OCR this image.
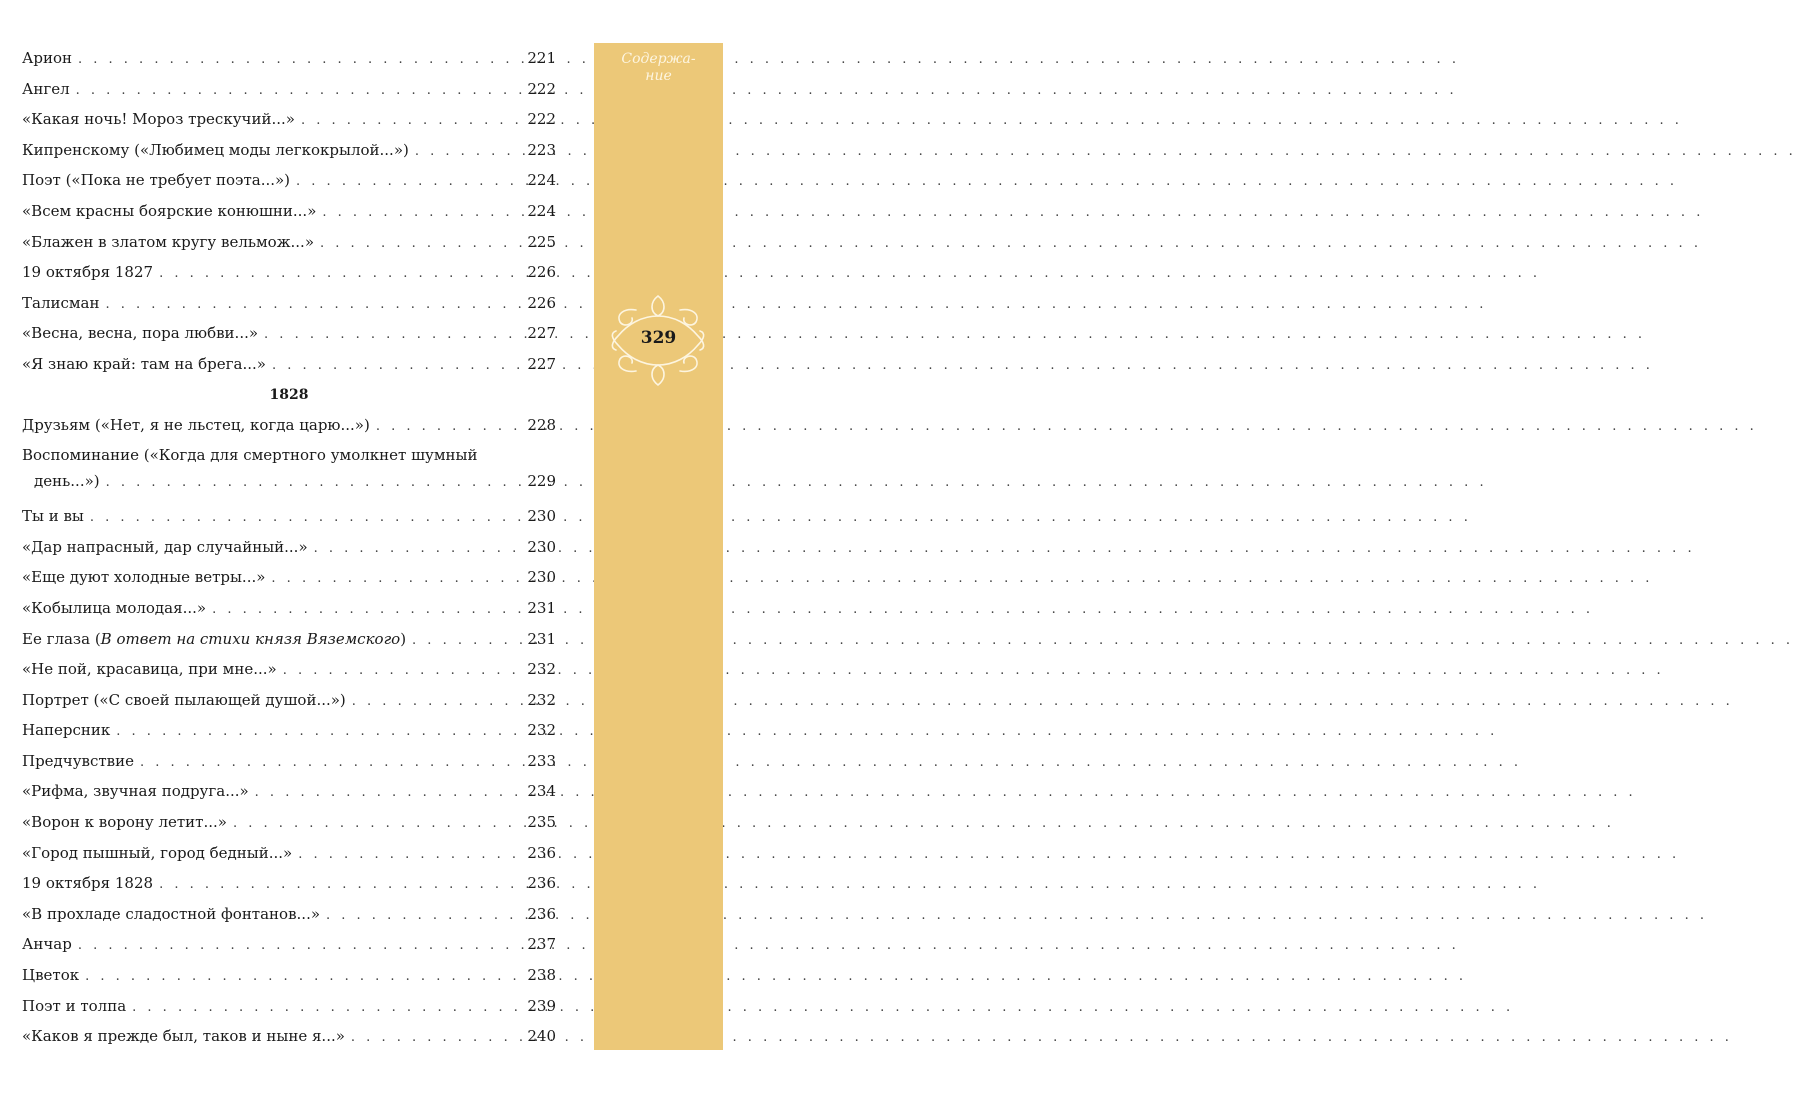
Арион . . .	221
Ангел . . .	222
«Какая ночь! Мороз трескучий...» . . .	222
Кипренскому («Любимец моды легкокрылой...») . . .	223
Поэт («Пока не требует поэта...») . . .	224
«Всем красны боярские конюшни...» . . .	224
«Блажен в златом кругу вельмож...» . . .	225
19 октября 1827 . . .	226
Талисман . . .	226
«Весна, весна, пора любви...» . . .	227
«Я знаю край: там на брега...» . . .	227
1828
Друзьям («Нет, я не льстец, когда царю...») . . .	228
Воспоминание («Когда для смертного умолкнет шумный
день...») . . .	229
Ты и вы . . .	230
«Дар напрасный, дар случайный...» . . .	230
«Еще дуют холодные ветры...» . . .	230
«Кобылица молодая...» . . .	231
Ее глаза (В ответ на стихи князя Вяземского) . . .	231
«Не пой, красавица, при мне...» . . .	232
Портрет («С своей пылающей душой...») . . .	232
Наперсник . . .	232
Предчувствие . . .	233
«Рифма, звучная подруга...» . . .	234
«Ворон к ворону летит...» . . .	235
«Город пышный, город бедный...» . . .	236
19 октября 1828 . . .	236
«В прохладе сладостной фонтанов...» . . .	236
Анчар . . .	237
Цветок . . .	238
Поэт и толпа . . .	239
«Каков я прежде был, таков и ныне я...» . . .	240
Содержа-
ние
329
